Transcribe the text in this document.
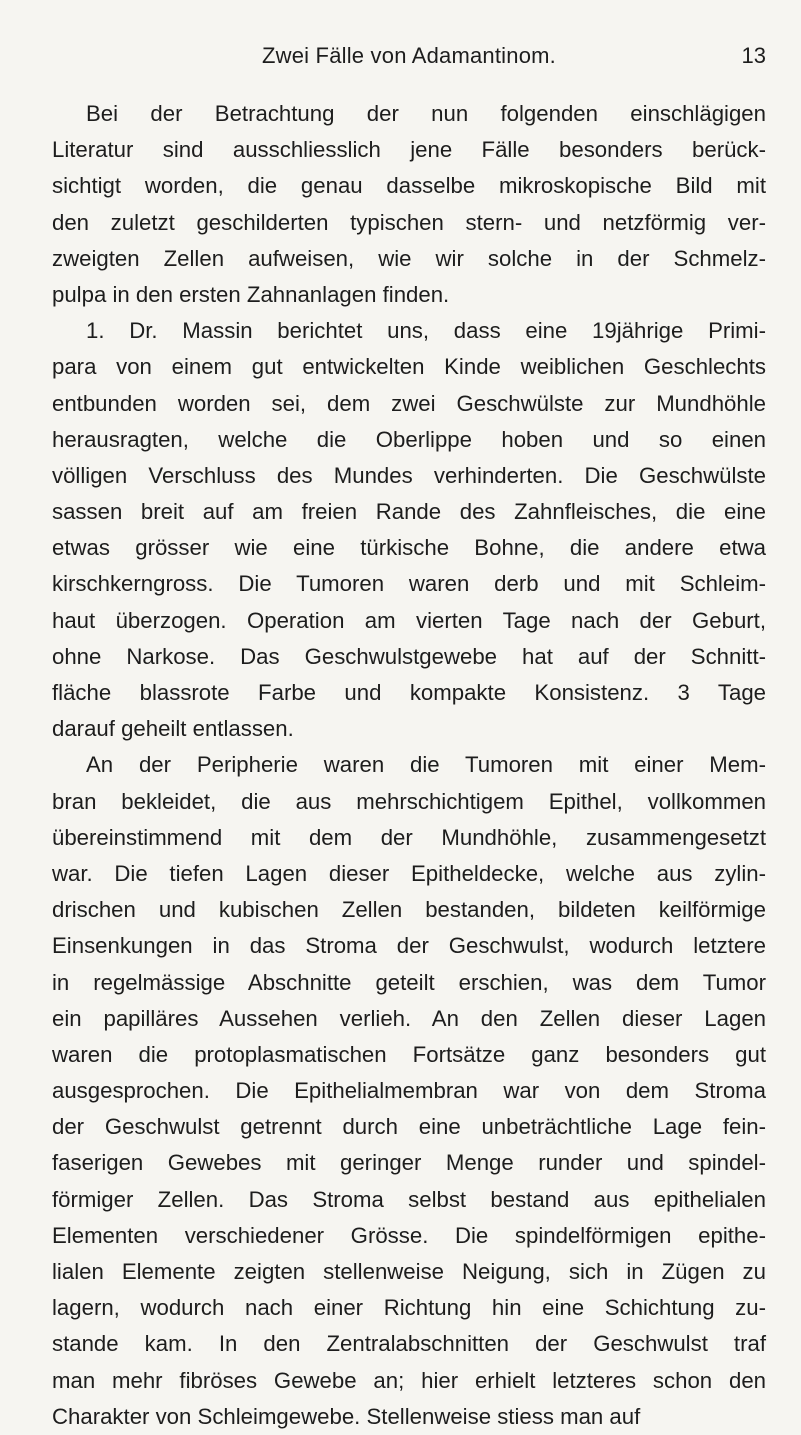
Zwei Fälle von Adamantinom.	13
Bei der Betrachtung der nun folgenden einschlägigen
Literatur sind ausschliesslich jene Fälle besonders berück-
sichtigt worden, die genau dasselbe mikroskopische Bild mit
den zuletzt geschilderten typischen stern- und netzförmig ver-
zweigten Zellen aufweisen, wie wir solche in der Schmelz-
pulpa in den ersten Zahnanlagen finden.
1. Dr. Massin berichtet uns, dass eine 19jährige Primi-
para von einem gut entwickelten Kinde weiblichen Geschlechts
entbunden worden sei, dem zwei Geschwülste zur Mundhöhle
herausragten, welche die Oberlippe hoben und so einen
völligen Verschluss des Mundes verhinderten. Die Geschwülste
sassen breit auf am freien Rande des Zahnfleisches, die eine
etwas grösser wie eine türkische Bohne, die andere etwa
kirschkerngross. Die Tumoren waren derb und mit Schleim-
haut überzogen. Operation am vierten Tage nach der Geburt,
ohne Narkose. Das Geschwulstgewebe hat auf der Schnitt-
fläche blassrote Farbe und kompakte Konsistenz. 3 Tage
darauf geheilt entlassen.
An der Peripherie waren die Tumoren mit einer Mem-
bran bekleidet, die aus mehrschichtigem Epithel, vollkommen
übereinstimmend mit dem der Mundhöhle, zusammengesetzt
war. Die tiefen Lagen dieser Epitheldecke, welche aus zylin-
drischen und kubischen Zellen bestanden, bildeten keilförmige
Einsenkungen in das Stroma der Geschwulst, wodurch letztere
in regelmässige Abschnitte geteilt erschien, was dem Tumor
ein papilläres Aussehen verlieh. An den Zellen dieser Lagen
waren die protoplasmatischen Fortsätze ganz besonders gut
ausgesprochen. Die Epithelialmembran war von dem Stroma
der Geschwulst getrennt durch eine unbeträchtliche Lage fein-
faserigen Gewebes mit geringer Menge runder und spindel-
förmiger Zellen. Das Stroma selbst bestand aus epithelialen
Elementen verschiedener Grösse. Die spindelförmigen epithe-
lialen Elemente zeigten stellenweise Neigung, sich in Zügen zu
lagern, wodurch nach einer Richtung hin eine Schichtung zu-
stande kam. In den Zentralabschnitten der Geschwulst traf
man mehr fibröses Gewebe an; hier erhielt letzteres schon den
Charakter von Schleimgewebe. Stellenweise stiess man auf
